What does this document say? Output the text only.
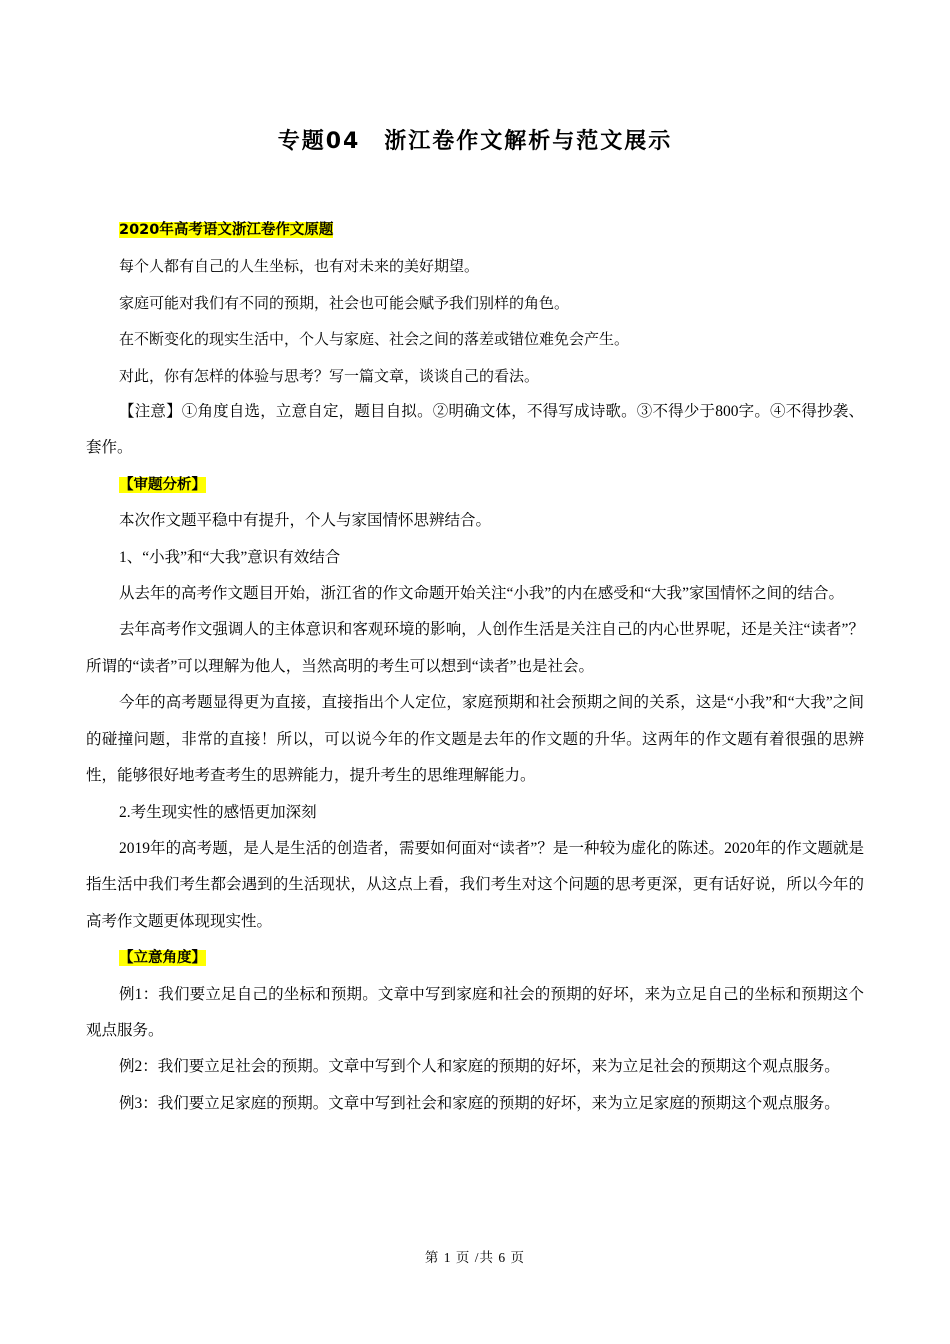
专题04　浙江卷作文解析与范文展示

2020年高考语文浙江卷作文原题

每个人都有自己的人生坐标，也有对未来的美好期望。

家庭可能对我们有不同的预期，社会也可能会赋予我们别样的角色。

在不断变化的现实生活中，个人与家庭、社会之间的落差或错位难免会产生。

对此，你有怎样的体验与思考？写一篇文章，谈谈自己的看法。

【注意】①角度自选，立意自定，题目自拟。②明确文体，不得写成诗歌。③不得少于800字。④不得抄袭、套作。

【审题分析】

本次作文题平稳中有提升，个人与家国情怀思辨结合。

1、“小我”和“大我”意识有效结合

从去年的高考作文题目开始，浙江省的作文命题开始关注“小我”的内在感受和“大我”家国情怀之间的结合。

去年高考作文强调人的主体意识和客观环境的影响，人创作生活是关注自己的内心世界呢，还是关注“读者”？所谓的“读者”可以理解为他人，当然高明的考生可以想到“读者”也是社会。

今年的高考题显得更为直接，直接指出个人定位，家庭预期和社会预期之间的关系，这是“小我”和“大我”之间的碰撞问题，非常的直接！所以，可以说今年的作文题是去年的作文题的升华。这两年的作文题有着很强的思辨性，能够很好地考查考生的思辨能力，提升考生的思维理解能力。

2.考生现实性的感悟更加深刻

2019年的高考题，是人是生活的创造者，需要如何面对“读者”？是一种较为虚化的陈述。2020年的作文题就是指生活中我们考生都会遇到的生活现状，从这点上看，我们考生对这个问题的思考更深，更有话好说，所以今年的高考作文题更体现现实性。

【立意角度】

例1：我们要立足自己的坐标和预期。文章中写到家庭和社会的预期的好坏，来为立足自己的坐标和预期这个观点服务。

例2：我们要立足社会的预期。文章中写到个人和家庭的预期的好坏，来为立足社会的预期这个观点服务。

例3：我们要立足家庭的预期。文章中写到社会和家庭的预期的好坏，来为立足家庭的预期这个观点服务。

第 1 页 /共 6 页
